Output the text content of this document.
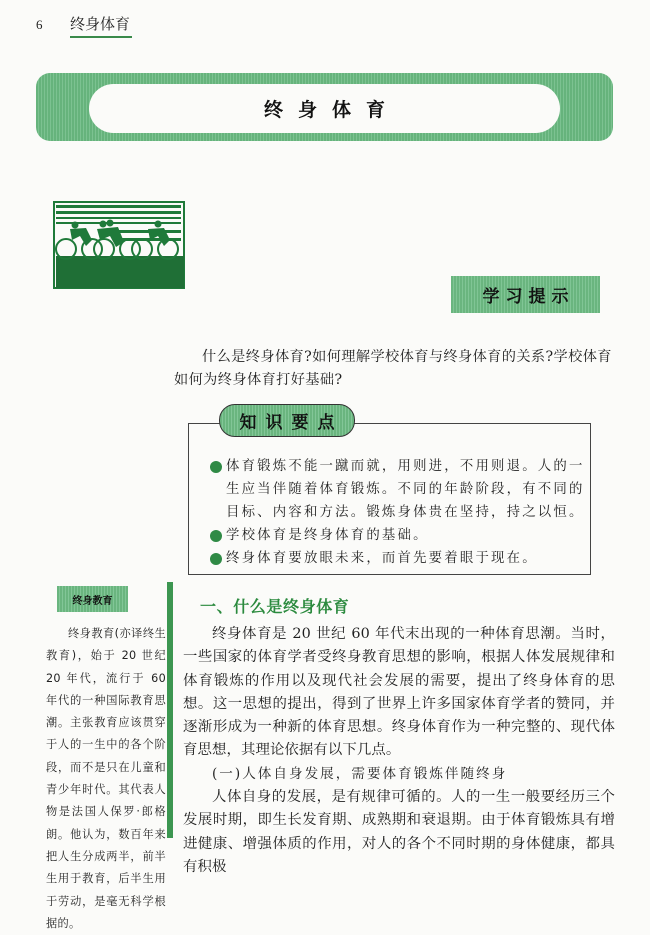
6 终身体育
终身体育
学习提示
什么是终身体育?如何理解学校体育与终身体育的关系?学校体育如何为终身体育打好基础?
知识要点
体育锻炼不能一蹴而就，用则进，不用则退。人的一生应当伴随着体育锻炼。不同的年龄阶段，有不同的目标、内容和方法。锻炼身体贵在坚持，持之以恒。
学校体育是终身体育的基础。
终身体育要放眼未来，而首先要着眼于现在。
终身教育
终身教育(亦译终生教育)，始于 20 世纪 20 年代，流行于 60 年代的一种国际教育思潮。主张教育应该贯穿于人的一生中的各个阶段，而不是只在儿童和青少年时代。其代表人物是法国人保罗·郎格朗。他认为，数百年来把人生分成两半，前半生用于教育，后半生用于劳动，是毫无科学根据的。
一、什么是终身体育

终身体育是 20 世纪 60 年代末出现的一种体育思潮。当时，一些国家的体育学者受终身教育思想的影响，根据人体发展规律和体育锻炼的作用以及现代社会发展的需要，提出了终身体育的思想。这一思想的提出，得到了世界上许多国家体育学者的赞同，并逐渐形成为一种新的体育思想。终身体育作为一种完整的、现代体育思想，其理论依据有以下几点。

(一)人体自身发展，需要体育锻炼伴随终身

人体自身的发展，是有规律可循的。人的一生一般要经历三个发展时期，即生长发育期、成熟期和衰退期。由于体育锻炼具有增进健康、增强体质的作用，对人的各个不同时期的身体健康，都具有积极
